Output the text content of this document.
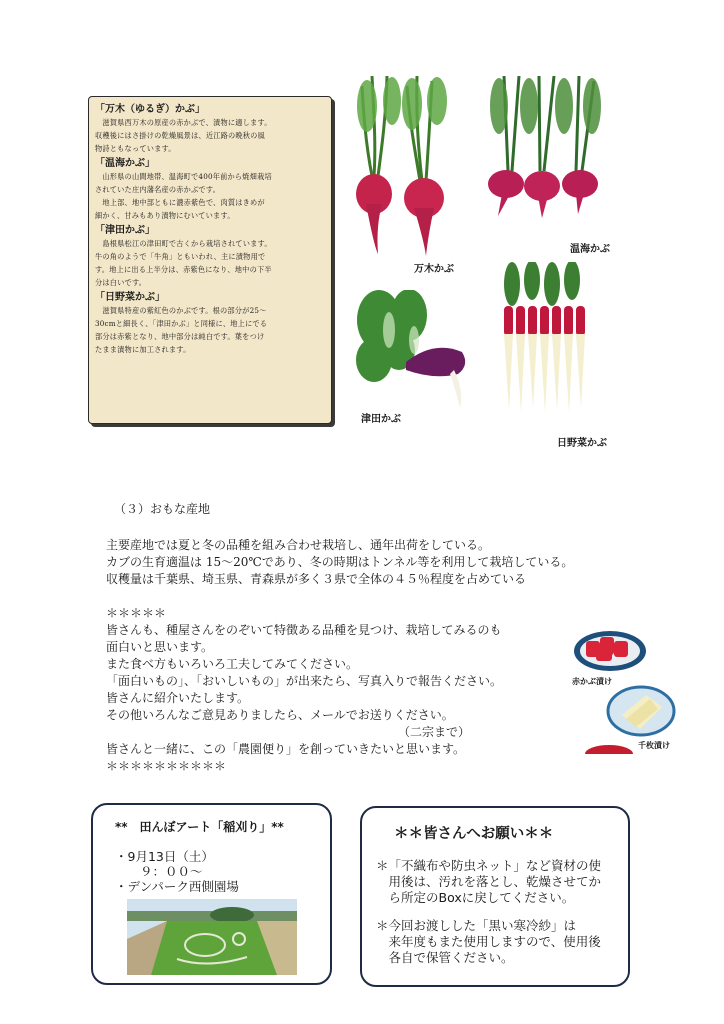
「万木（ゆるぎ）かぶ」
　滋賀県西万木の原産の赤かぶで、漬物に適します。
収穫後にはさ掛けの乾燥風景は、近江路の晩秋の風
物詩ともなっています。
「温海かぶ」
　山形県の山間地帯、温海町で400年前から焼畑栽培
されていた庄内藩名産の赤かぶです。
　地上部、地中部ともに濃赤紫色で、肉質はきめが
細かく、甘みもあり漬物にむいています。
「津田かぶ」
　島根県松江の津田町で古くから栽培されています。
牛の角のようで「牛角」ともいわれ、主に漬物用で
す。地上に出る上半分は、赤紫色になり、地中の下半
分は白いです。
「日野菜かぶ」
　滋賀県特産の紫紅色のかぶです。根の部分が25～
30cmと細長く、「津田かぶ」と同様に、地上にでる
部分は赤紫となり、地中部分は純白です。葉をつけ
たまま漬物に加工されます。
万木かぶ
温海かぶ
津田かぶ
日野菜かぶ
（３）おもな産地
主要産地では夏と冬の品種を組み合わせ栽培し、通年出荷をしている。
カブの生育適温は 15～20℃であり、冬の時期はトンネル等を利用して栽培している。
収穫量は千葉県、埼玉県、青森県が多く３県で全体の４５％程度を占めている
＊＊＊＊＊
皆さんも、種屋さんをのぞいて特徴ある品種を見つけ、栽培してみるのも
面白いと思います。
また食べ方もいろいろ工夫してみてください。
「面白いもの」、「おいしいもの」が出来たら、写真入りで報告ください。
皆さんに紹介いたします。
その他いろんなご意見ありましたら、メールでお送りください。
（二宗まで）
皆さんと一緒に、この「農園便り」を創っていきたいと思います。
＊＊＊＊＊＊＊＊＊＊
赤かぶ漬け
千枚漬け
**　田んぼアート「稲刈り」**
・9月13日（土）
　　９：００～
・デンパーク西側園場
＊＊皆さんへお願い＊＊
＊「不織布や防虫ネット」など資材の使
　用後は、汚れを落とし、乾燥させてか
　ら所定のBoxに戻してください。
＊今回お渡しした「黒い寒冷紗」は
　来年度もまた使用しますので、使用後
　各自で保管ください。
